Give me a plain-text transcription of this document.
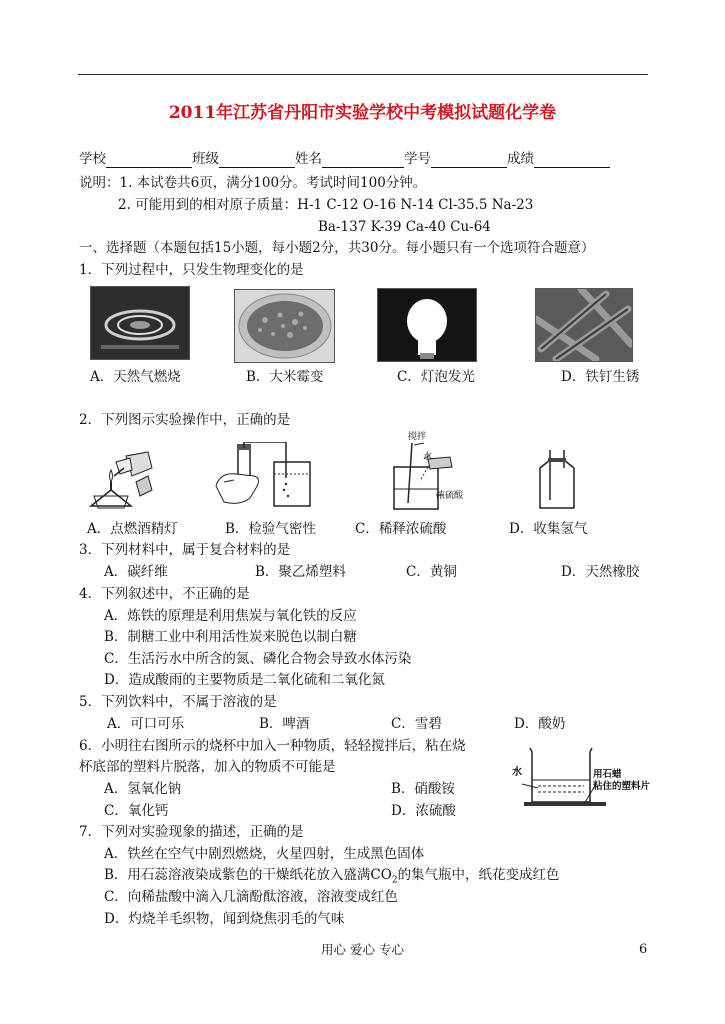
2011年江苏省丹阳市实验学校中考模拟试题化学卷
学校	班级	姓名	学号	成绩
说明：1. 本试卷共6页，满分100分。考试时间100分钟。
2. 可能用到的相对原子质量：H-1 C-12 O-16 N-14 Cl-35.5 Na-23
Ba-137 K-39 Ca-40 Cu-64
一、选择题（本题包括15小题，每小题2分，共30分。每小题只有一个选项符合题意）
1．下列过程中，只发生物理变化的是
A．天然气燃烧	B．大米霉变	C．灯泡发光	D．铁钉生锈
2．下列图示实验操作中，正确的是
搅拌
水
浓硫酸
A．点燃酒精灯	B．检验气密性	C．稀释浓硫酸	D．收集氢气
3．下列材料中，属于复合材料的是
A．碳纤维	B．聚乙烯塑料	C．黄铜	D．天然橡胶
4．下列叙述中，不正确的是
A．炼铁的原理是利用焦炭与氧化铁的反应
B．制糖工业中利用活性炭来脱色以制白糖
C．生活污水中所含的氮、磷化合物会导致水体污染
D．造成酸雨的主要物质是二氧化硫和二氧化氮
5．下列饮料中，不属于溶液的是
A．可口可乐	B．啤酒	C．雪碧	D．酸奶
6．小明往右图所示的烧杯中加入一种物质，轻轻搅拌后，粘在烧
杯底部的塑料片脱落，加入的物质不可能是
A．氢氧化钠	B．硝酸铵
C．氧化钙	D．浓硫酸
水	用石蜡
粘住的塑料片
7．下列对实验现象的描述，正确的是
A．铁丝在空气中剧烈燃烧，火星四射，生成黑色固体
B．用石蕊溶液染成紫色的干燥纸花放入盛满$CO_2$的集气瓶中，纸花变成红色
C．向稀盐酸中滴入几滴酚酞溶液，溶液变成红色
D．灼烧羊毛织物，闻到烧焦羽毛的气味
用心 爱心 专心	6
